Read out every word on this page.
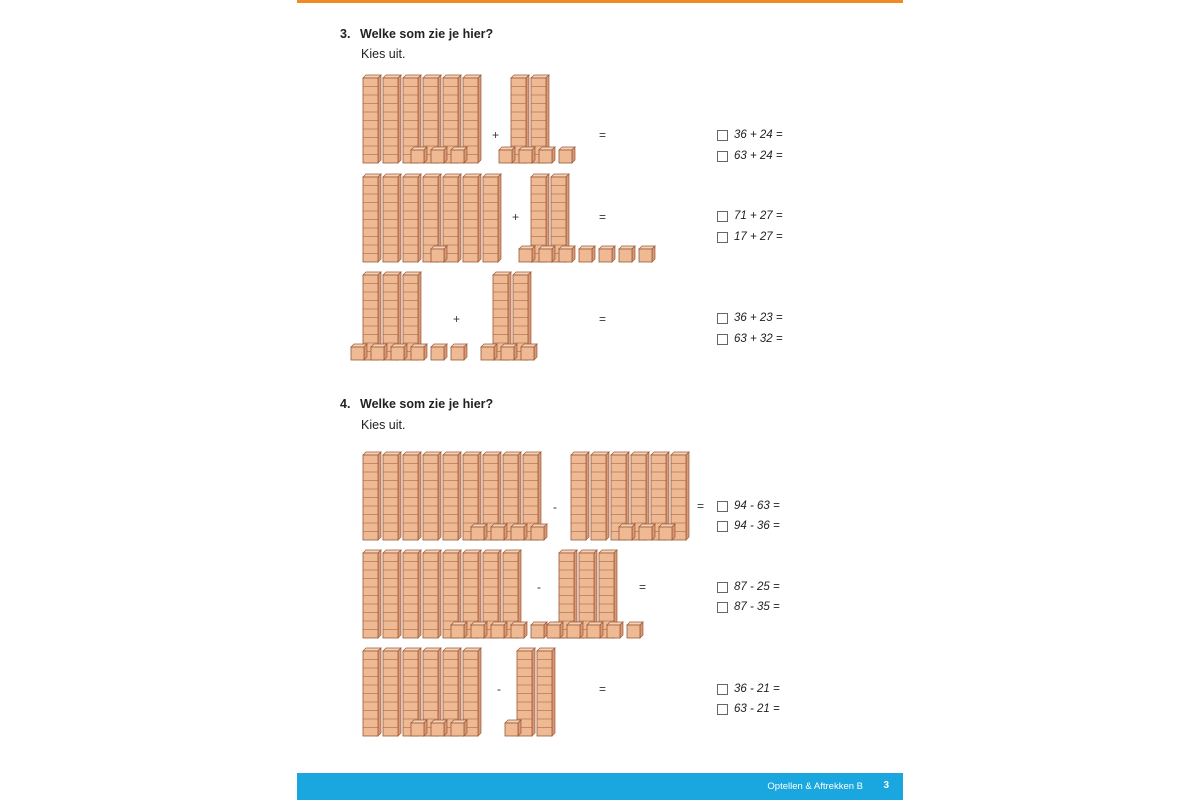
3. Welke som zie je hier?
Kies uit.
+	=	36 + 24 =
63 + 24 =
+	=	71 + 27 =
17 + 27 =
+	=	36 + 23 =
63 + 32 =
4. Welke som zie je hier?
Kies uit.
-	=	94 - 63 =
94 - 36 =
-	=	87 - 25 =
87 - 35 =
-	=	36 - 21 =
63 - 21 =
Optellen & Aftrekken B 3
